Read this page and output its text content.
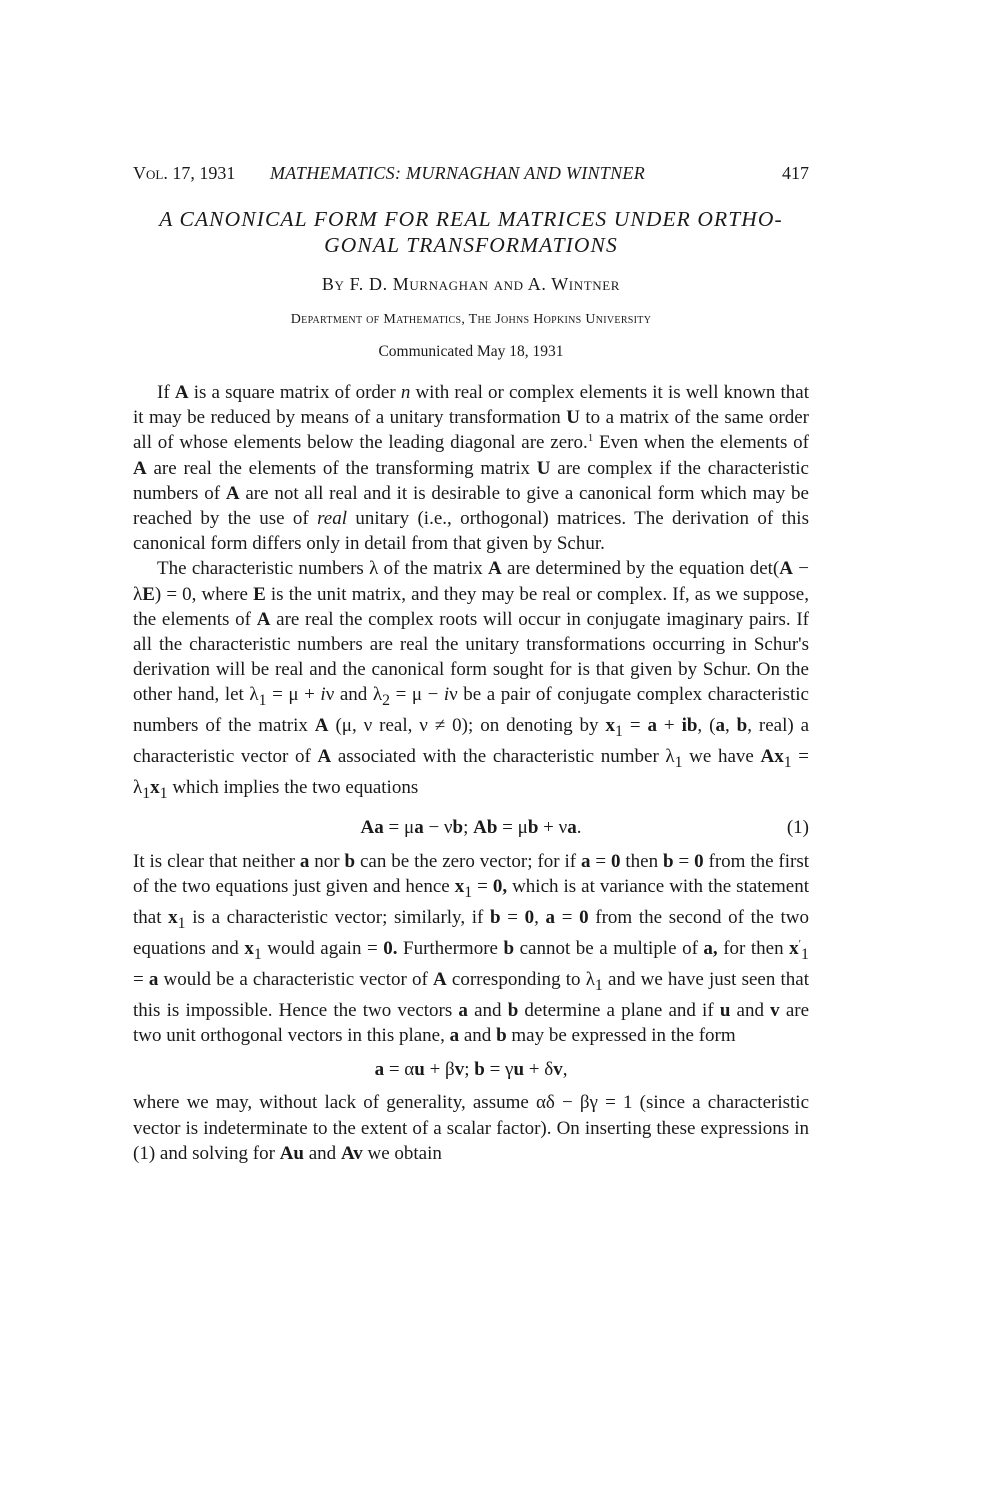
Vol. 17, 1931 MATHEMATICS: MURNAGHAN AND WINTNER	417
A CANONICAL FORM FOR REAL MATRICES UNDER ORTHO-
GONAL TRANSFORMATIONS
By F. D. Murnaghan and A. Wintner
Department of Mathematics, The Johns Hopkins University
Communicated May 18, 1931

If A is a square matrix of order n with real or complex elements it is well known that it may be reduced by means of a unitary transformation U to a matrix of the same order all of whose elements below the leading diagonal are zero.$^1$ Even when the elements of A are real the elements of the transforming matrix U are complex if the characteristic numbers of A are not all real and it is desirable to give a canonical form which may be reached by the use of real unitary (i.e., orthogonal) matrices. The derivation of this canonical form differs only in detail from that given by Schur.

The characteristic numbers λ of the matrix A are determined by the equation det(A − λE) = 0, where E is the unit matrix, and they may be real or complex. If, as we suppose, the elements of A are real the complex roots will occur in conjugate imaginary pairs. If all the characteristic numbers are real the unitary transformations occurring in Schur's derivation will be real and the canonical form sought for is that given by Schur. On the other hand, let $\lambda_1 = \mu + i\nu$ and $\lambda_2 = \mu - i\nu$ be a pair of conjugate complex characteristic numbers of the matrix A (μ, ν real, ν ≠ 0); on denoting by $x_1 = a$ + ib, (a, b, real) a characteristic vector of A associated with the characteristic number $\lambda_1$ we have $Ax_1 = \lambda_1x_1$ which implies the two equations

Aa = μa − νb; Ab = μb + νa.	(1)

It is clear that neither a nor b can be the zero vector; for if a = 0 then b = 0 from the first of the two equations just given and hence $x_1 = 0$, which is at variance with the statement that $x_1$ is a characteristic vector; similarly, if b = 0, a = 0 from the second of the two equations and $x_1$ would again = 0. Furthermore b cannot be a multiple of a, for then $x'_1 = a$ would be a characteristic vector of A corresponding to $\lambda_1$ and we have just seen that this is impossible. Hence the two vectors a and b determine a plane and if u and v are two unit orthogonal vectors in this plane, a and b may be expressed in the form

a = αu + βv; b = γu + δv,

where we may, without lack of generality, assume αδ − βγ = 1 (since a characteristic vector is indeterminate to the extent of a scalar factor). On inserting these expressions in (1) and solving for Au and Av we obtain
